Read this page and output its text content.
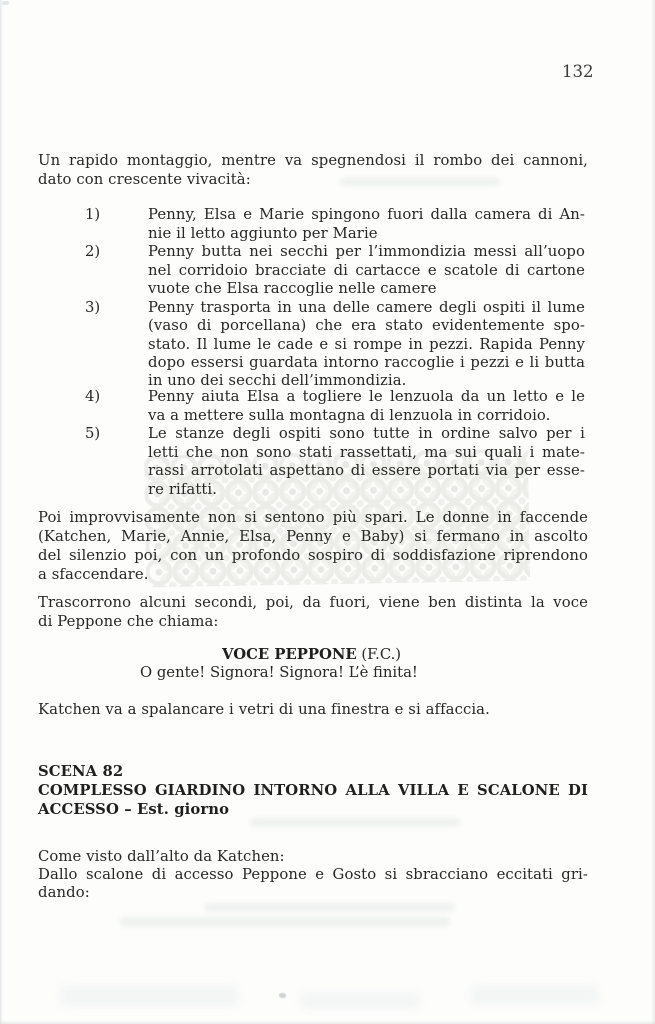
132
Un rapido montaggio, mentre va spegnendosi il rombo dei cannoni,
dato con crescente vivacità:
1)	Penny, Elsa e Marie spingono fuori dalla camera di An-
nie il letto aggiunto per Marie
2)	Penny butta nei secchi per l’immondizia messi all’uopo
nel corridoio bracciate di cartacce e scatole di cartone
vuote che Elsa raccoglie nelle camere
3)	Penny trasporta in una delle camere degli ospiti il lume
(vaso di porcellana) che era stato evidentemente spo-
stato. Il lume le cade e si rompe in pezzi. Rapida Penny
dopo essersi guardata intorno raccoglie i pezzi e li butta
in uno dei secchi dell’immondizia.
4)	Penny aiuta Elsa a togliere le lenzuola da un letto e le
va a mettere sulla montagna di lenzuola in corridoio.
5)	Le stanze degli ospiti sono tutte in ordine salvo per i
letti che non sono stati rassettati, ma sui quali i mate-
rassi arrotolati aspettano di essere portati via per esse-
re rifatti.
Poi improvvisamente non si sentono più spari. Le donne in faccende
(Katchen, Marie, Annie, Elsa, Penny e Baby) si fermano in ascolto
del silenzio poi, con un profondo sospiro di soddisfazione riprendono
a sfaccendare.
Trascorrono alcuni secondi, poi, da fuori, viene ben distinta la voce
di Peppone che chiama:
VOCE PEPPONE (F.C.)
O gente! Signora! Signora! L’è finita!
Katchen va a spalancare i vetri di una finestra e si affaccia.
SCENA 82
COMPLESSO GIARDINO INTORNO ALLA VILLA E SCALONE DI
ACCESSO – Est. giorno
Come visto dall’alto da Katchen:
Dallo scalone di accesso Peppone e Gosto si sbracciano eccitati gri-
dando:
